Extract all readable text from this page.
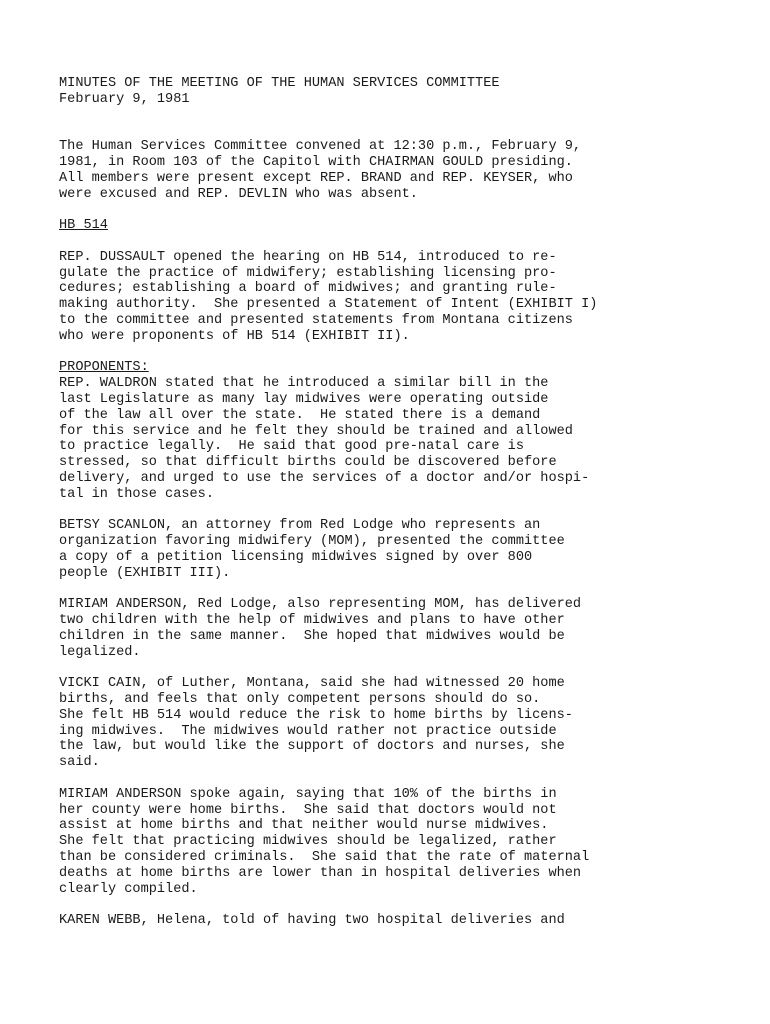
MINUTES OF THE MEETING OF THE HUMAN SERVICES COMMITTEE
February 9, 1981
The Human Services Committee convened at 12:30 p.m., February 9,
1981, in Room 103 of the Capitol with CHAIRMAN GOULD presiding.
All members were present except REP. BRAND and REP. KEYSER, who
were excused and REP. DEVLIN who was absent.
HB 514
REP. DUSSAULT opened the hearing on HB 514, introduced to re-
gulate the practice of midwifery; establishing licensing pro-
cedures; establishing a board of midwives; and granting rule-
making authority.  She presented a Statement of Intent (EXHIBIT I)
to the committee and presented statements from Montana citizens
who were proponents of HB 514 (EXHIBIT II).
PROPONENTS:
REP. WALDRON stated that he introduced a similar bill in the
last Legislature as many lay midwives were operating outside
of the law all over the state.  He stated there is a demand
for this service and he felt they should be trained and allowed
to practice legally.  He said that good pre-natal care is
stressed, so that difficult births could be discovered before
delivery, and urged to use the services of a doctor and/or hospi-
tal in those cases.
BETSY SCANLON, an attorney from Red Lodge who represents an
organization favoring midwifery (MOM), presented the committee
a copy of a petition licensing midwives signed by over 800
people (EXHIBIT III).
MIRIAM ANDERSON, Red Lodge, also representing MOM, has delivered
two children with the help of midwives and plans to have other
children in the same manner.  She hoped that midwives would be
legalized.
VICKI CAIN, of Luther, Montana, said she had witnessed 20 home
births, and feels that only competent persons should do so.
She felt HB 514 would reduce the risk to home births by licens-
ing midwives.  The midwives would rather not practice outside
the law, but would like the support of doctors and nurses, she
said.
MIRIAM ANDERSON spoke again, saying that 10% of the births in
her county were home births.  She said that doctors would not
assist at home births and that neither would nurse midwives.
She felt that practicing midwives should be legalized, rather
than be considered criminals.  She said that the rate of maternal
deaths at home births are lower than in hospital deliveries when
clearly compiled.
KAREN WEBB, Helena, told of having two hospital deliveries and
